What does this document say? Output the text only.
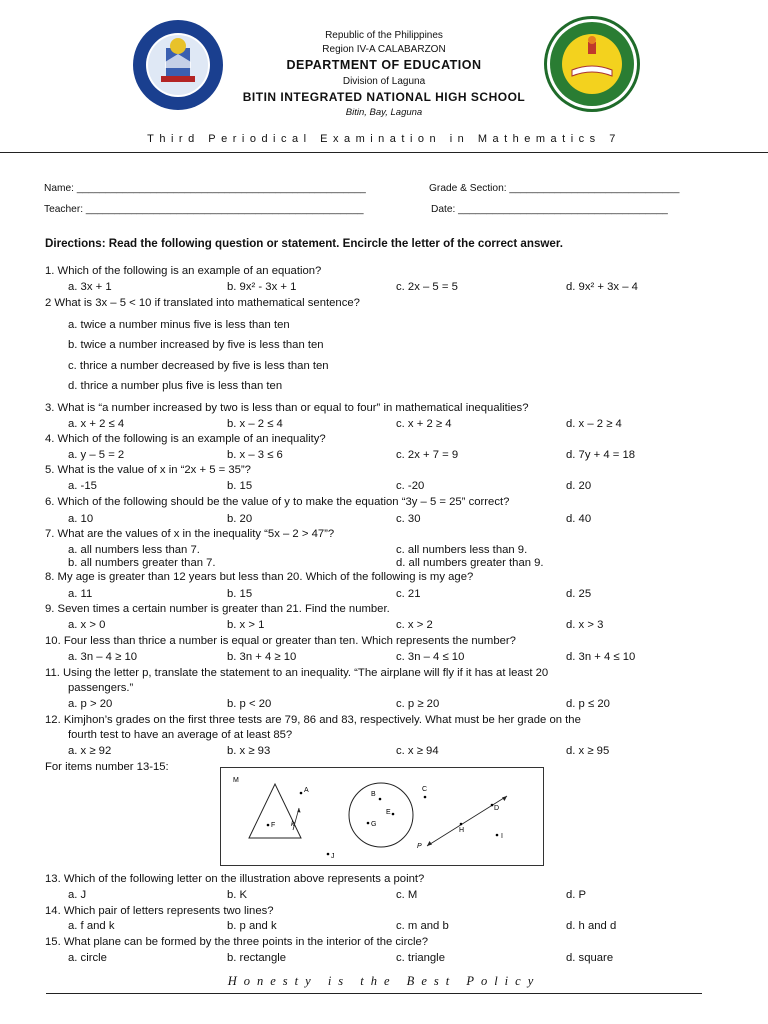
Republic of the Philippines
Region IV-A CALABARZON
DEPARTMENT OF EDUCATION
Division of Laguna
BITIN INTEGRATED NATIONAL HIGH SCHOOL
Bitin, Bay, Laguna
Third Periodical Examination in Mathematics 7
Name: ___________________________________________________	Grade & Section: ______________________________
Teacher: _________________________________________________	Date: _____________________________________
Directions: Read the following question or statement. Encircle the letter of the correct answer.
1. Which of the following is an example of an equation?
a. 3x + 1	b. 9x² - 3x + 1	c. 2x – 5 = 5	d. 9x² + 3x – 4
2 What is 3x – 5 < 10 if translated into mathematical sentence?
a. twice a number minus five is less than ten
b. twice a number increased by five is less than ten
c. thrice a number decreased by five is less than ten
d. thrice a number plus five is less than ten
3. What is “a number increased by two is less than or equal to four” in mathematical inequalities?
a. x + 2 ≤ 4	b. x – 2 ≤ 4	c. x + 2 ≥ 4	d. x – 2 ≥ 4
4. Which of the following is an example of an inequality?
a. y – 5 = 2	b. x – 3 ≤ 6	c. 2x + 7 = 9	d. 7y + 4 = 18
5. What is the value of x in “2x + 5 = 35”?
a. -15	b. 15	c. -20	d. 20
6. Which of the following should be the value of y to make the equation “3y – 5 = 25” correct?
a. 10	b. 20	c. 30	d. 40
7. What are the values of x in the inequality “5x – 2 > 47”?
a. all numbers less than 7.	c. all numbers less than 9.
b. all numbers greater than 7.	d. all numbers greater than 9.
8. My age is greater than 12 years but less than 20. Which of the following is my age?
a. 11	b. 15	c. 21	d. 25
9. Seven times a certain number is greater than 21. Find the number.
a. x > 0	b. x > 1	c. x > 2	d. x > 3
10. Four less than thrice a number is equal or greater than ten. Which represents the number?
a. 3n – 4 ≥ 10	b. 3n + 4 ≥ 10	c. 3n – 4 ≤ 10	d. 3n + 4 ≤ 10
11. Using the letter p, translate the statement to an inequality. “The airplane will fly if it has at least 20
passengers.”
a. p > 20	b. p < 20	c. p ≥ 20	d. p ≤ 20
12. Kimjhon’s grades on the first three tests are 79, 86 and 83, respectively. What must be her grade on the
fourth test to have an average of at least 85?
a. x ≥ 92	b. x ≥ 93	c. x ≥ 94	d. x ≥ 95
For items number 13-15:
M
A
F k
J
B
E
G
C
D
H
I
P
13. Which of the following letter on the illustration above represents a point?
a. J	b. K	c. M	d. P
14. Which pair of letters represents two lines?
a. f and k	b. p and k	c. m and b	d. h and d
15. What plane can be formed by the three points in the interior of the circle?
a. circle	b. rectangle	c. triangle	d. square
Honesty is the Best Policy
